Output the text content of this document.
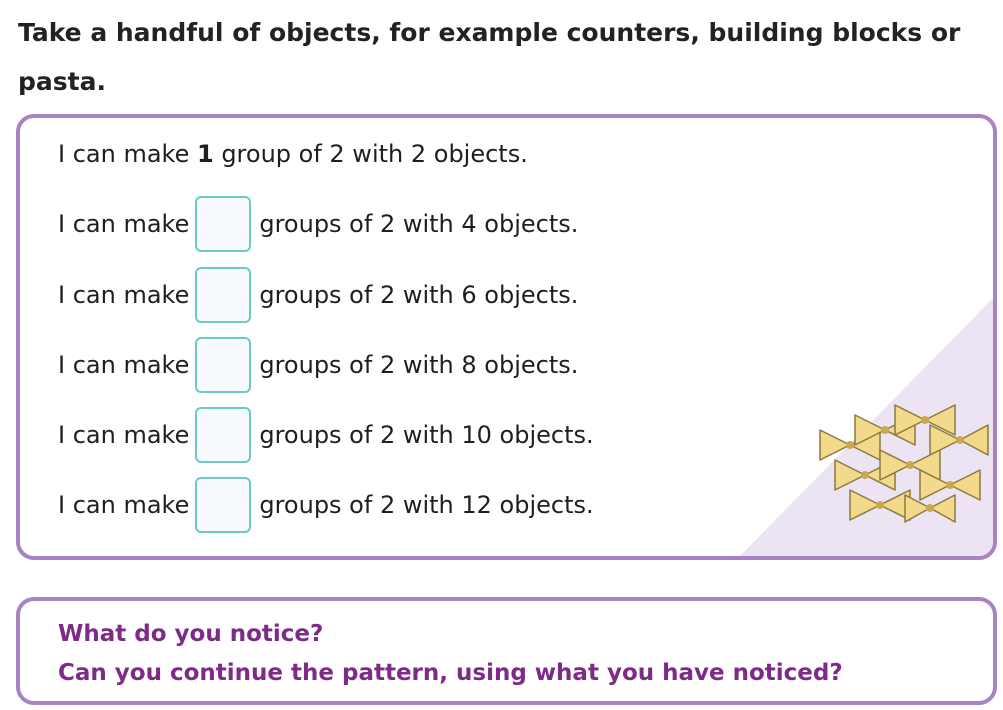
Take a handful of objects, for example counters, building blocks or pasta.
I can make 1 group of 2 with 2 objects.
I can make	groups of 2 with 4 objects.
I can make	groups of 2 with 6 objects.
I can make	groups of 2 with 8 objects.
I can make	groups of 2 with 10 objects.
I can make	groups of 2 with 12 objects.
What do you notice?
Can you continue the pattern, using what you have noticed?
